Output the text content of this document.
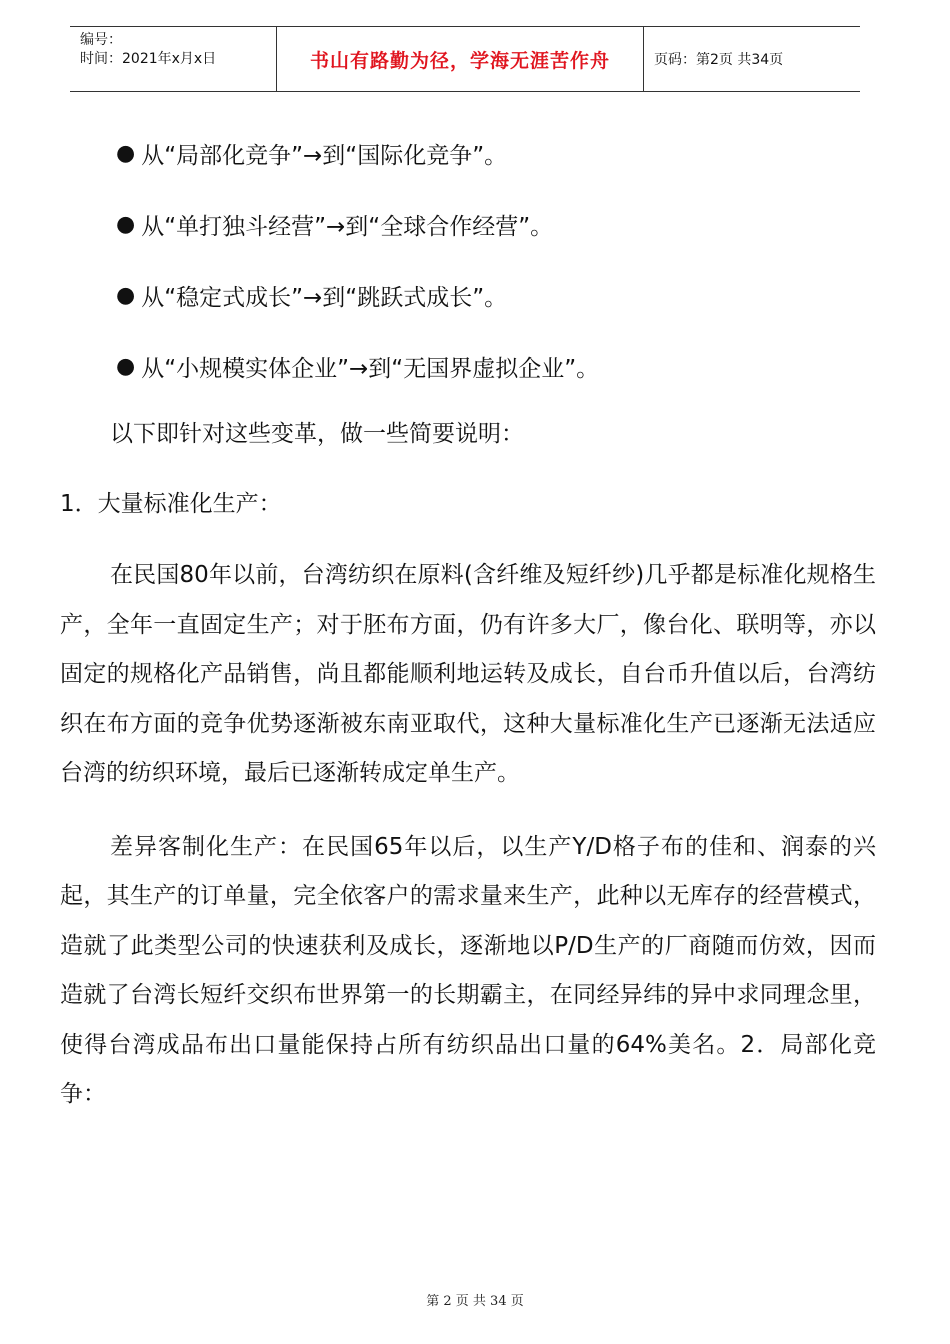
编号：
时间：2021年x月x日	书山有路勤为径，学海无涯苦作舟	页码：第2页 共34页
● 从“局部化竞争”→到“国际化竞争”。
● 从“单打独斗经营”→到“全球合作经营”。
● 从“稳定式成长”→到“跳跃式成长”。
● 从“小规模实体企业”→到“无国界虚拟企业”。

以下即针对这些变革，做一些简要说明：

1．大量标准化生产：

在民国80年以前，台湾纺织在原料(含纤维及短纤纱)几乎都是标准化规格生产，全年一直固定生产；对于胚布方面，仍有许多大厂，像台化、联明等，亦以固定的规格化产品销售，尚且都能顺利地运转及成长，自台币升值以后，台湾纺织在布方面的竞争优势逐渐被东南亚取代，这种大量标准化生产已逐渐无法适应台湾的纺织环境，最后已逐渐转成定单生产。

差异客制化生产：在民国65年以后，以生产Y/D格子布的佳和、润泰的兴起，其生产的订单量，完全依客户的需求量来生产，此种以无库存的经营模式，造就了此类型公司的快速获利及成长，逐渐地以P/D生产的厂商随而仿效，因而造就了台湾长短纤交织布世界第一的长期霸主，在同经异纬的异中求同理念里，使得台湾成品布出口量能保持占所有纺织品出口量的64%美名。2．局部化竞争：

第 2 页 共 34 页
